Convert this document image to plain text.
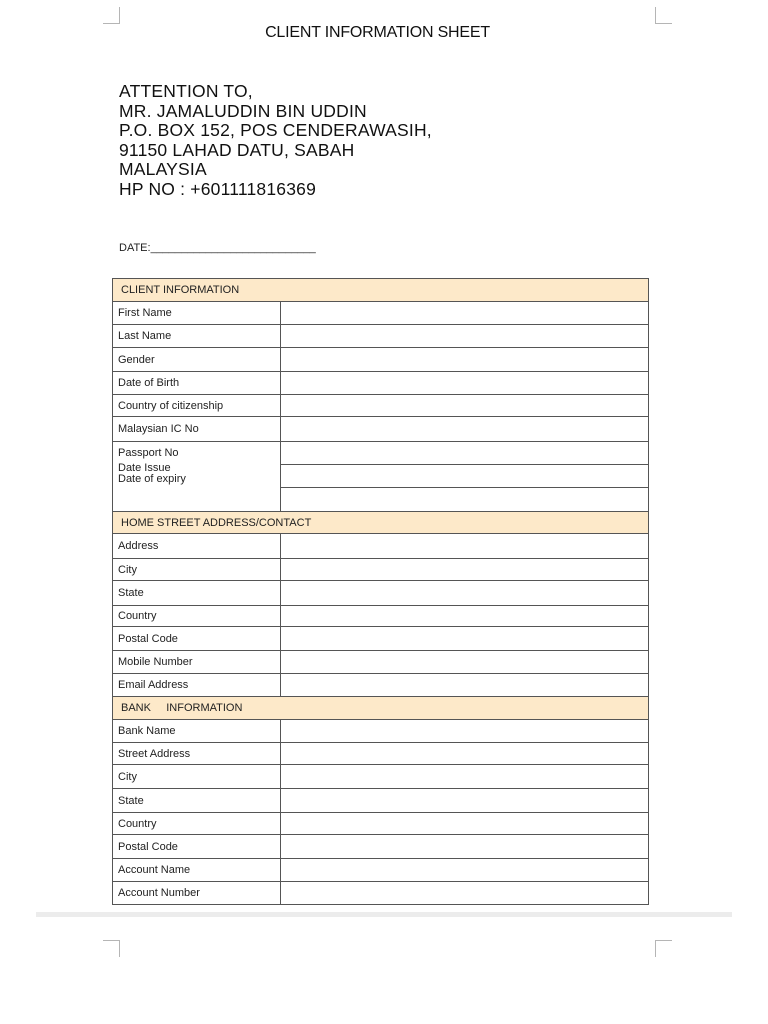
CLIENT INFORMATION SHEET
ATTENTION TO,
MR. JAMALUDDIN BIN UDDIN
P.O. BOX 152, POS CENDERAWASIH,
91150 LAHAD DATU, SABAH
MALAYSIA
HP NO : +601111816369
DATE:___________________________
CLIENT INFORMATION	
First Name	
Last Name	
Gender	
Date of Birth	
Country of citizenship	
Malaysian IC No	

Passport No
Date Issue
Date of expiry	

HOME STREET ADDRESS/CONTACT	
Address	
City	
State	
Country	
Postal Code	
Mobile Number	
Email Address	
BANK     INFORMATION	
Bank Name	
Street Address	
City	
State	
Country	
Postal Code	
Account Name	
Account Number	
